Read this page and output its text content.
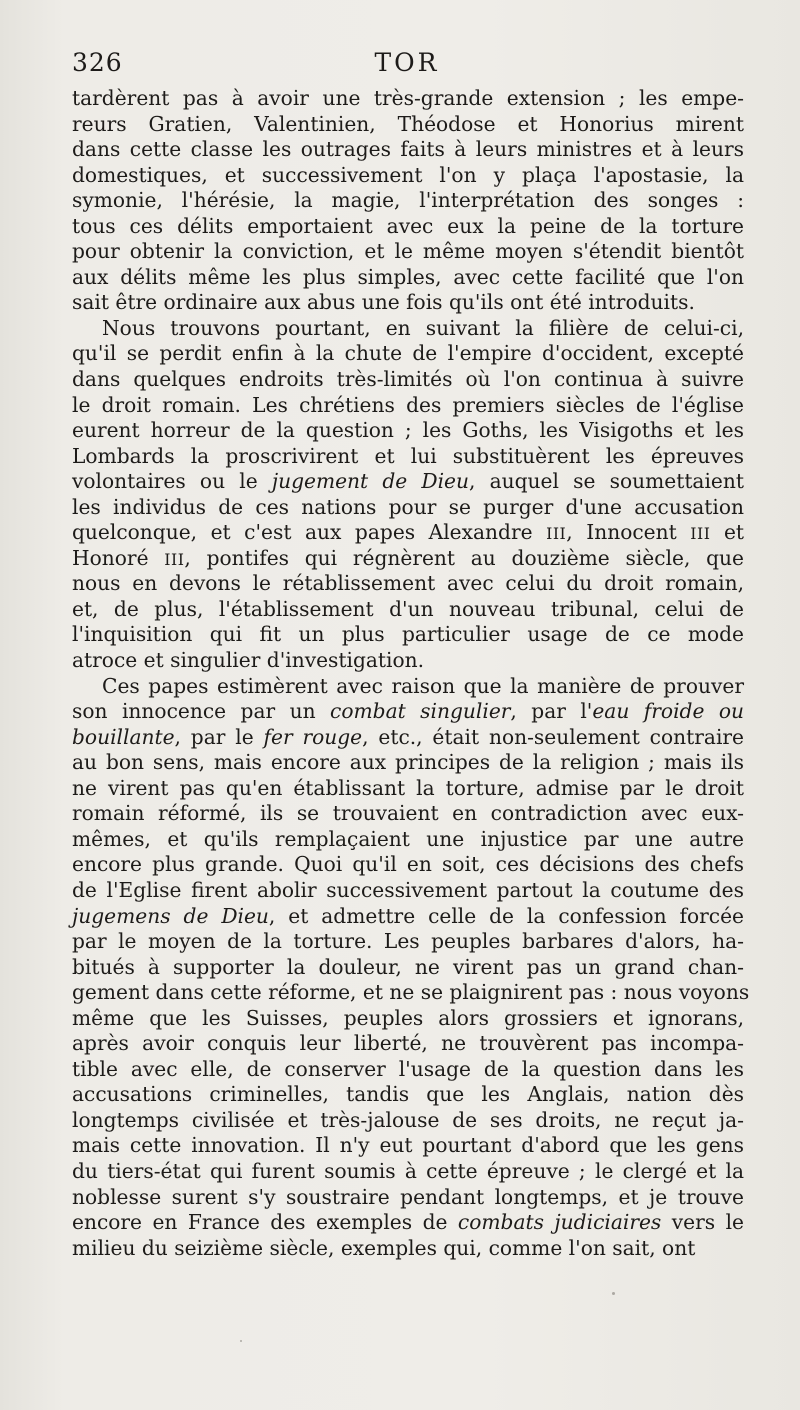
326	TOR
tardèrent pas à avoir une très-grande extension ; les empe-
reurs Gratien, Valentinien, Théodose et Honorius mirent
dans cette classe les outrages faits à leurs ministres et à leurs
domestiques, et successivement l'on y plaça l'apostasie, la
symonie, l'hérésie, la magie, l'interprétation des songes :
tous ces délits emportaient avec eux la peine de la torture
pour obtenir la conviction, et le même moyen s'étendit bientôt
aux délits même les plus simples, avec cette facilité que l'on
sait être ordinaire aux abus une fois qu'ils ont été introduits.
Nous trouvons pourtant, en suivant la filière de celui-ci,
qu'il se perdit enfin à la chute de l'empire d'occident, excepté
dans quelques endroits très-limités où l'on continua à suivre
le droit romain. Les chrétiens des premiers siècles de l'église
eurent horreur de la question ; les Goths, les Visigoths et les
Lombards la proscrivirent et lui substituèrent les épreuves
volontaires ou le jugement de Dieu, auquel se soumettaient
les individus de ces nations pour se purger d'une accusation
quelconque, et c'est aux papes Alexandre III, Innocent III et
Honoré III, pontifes qui régnèrent au douzième siècle, que
nous en devons le rétablissement avec celui du droit romain,
et, de plus, l'établissement d'un nouveau tribunal, celui de
l'inquisition qui fit un plus particulier usage de ce mode
atroce et singulier d'investigation.
Ces papes estimèrent avec raison que la manière de prouver
son innocence par un combat singulier, par l'eau froide ou
bouillante, par le fer rouge, etc., était non-seulement contraire
au bon sens, mais encore aux principes de la religion ; mais ils
ne virent pas qu'en établissant la torture, admise par le droit
romain réformé, ils se trouvaient en contradiction avec eux-
mêmes, et qu'ils remplaçaient une injustice par une autre
encore plus grande. Quoi qu'il en soit, ces décisions des chefs
de l'Eglise firent abolir successivement partout la coutume des
jugemens de Dieu, et admettre celle de la confession forcée
par le moyen de la torture. Les peuples barbares d'alors, ha-
bitués à supporter la douleur, ne virent pas un grand chan-
gement dans cette réforme, et ne se plaignirent pas : nous voyons
même que les Suisses, peuples alors grossiers et ignorans,
après avoir conquis leur liberté, ne trouvèrent pas incompa-
tible avec elle, de conserver l'usage de la question dans les
accusations criminelles, tandis que les Anglais, nation dès
longtemps civilisée et très-jalouse de ses droits, ne reçut ja-
mais cette innovation. Il n'y eut pourtant d'abord que les gens
du tiers-état qui furent soumis à cette épreuve ; le clergé et la
noblesse surent s'y soustraire pendant longtemps, et je trouve
encore en France des exemples de combats judiciaires vers le
milieu du seizième siècle, exemples qui, comme l'on sait, ont
